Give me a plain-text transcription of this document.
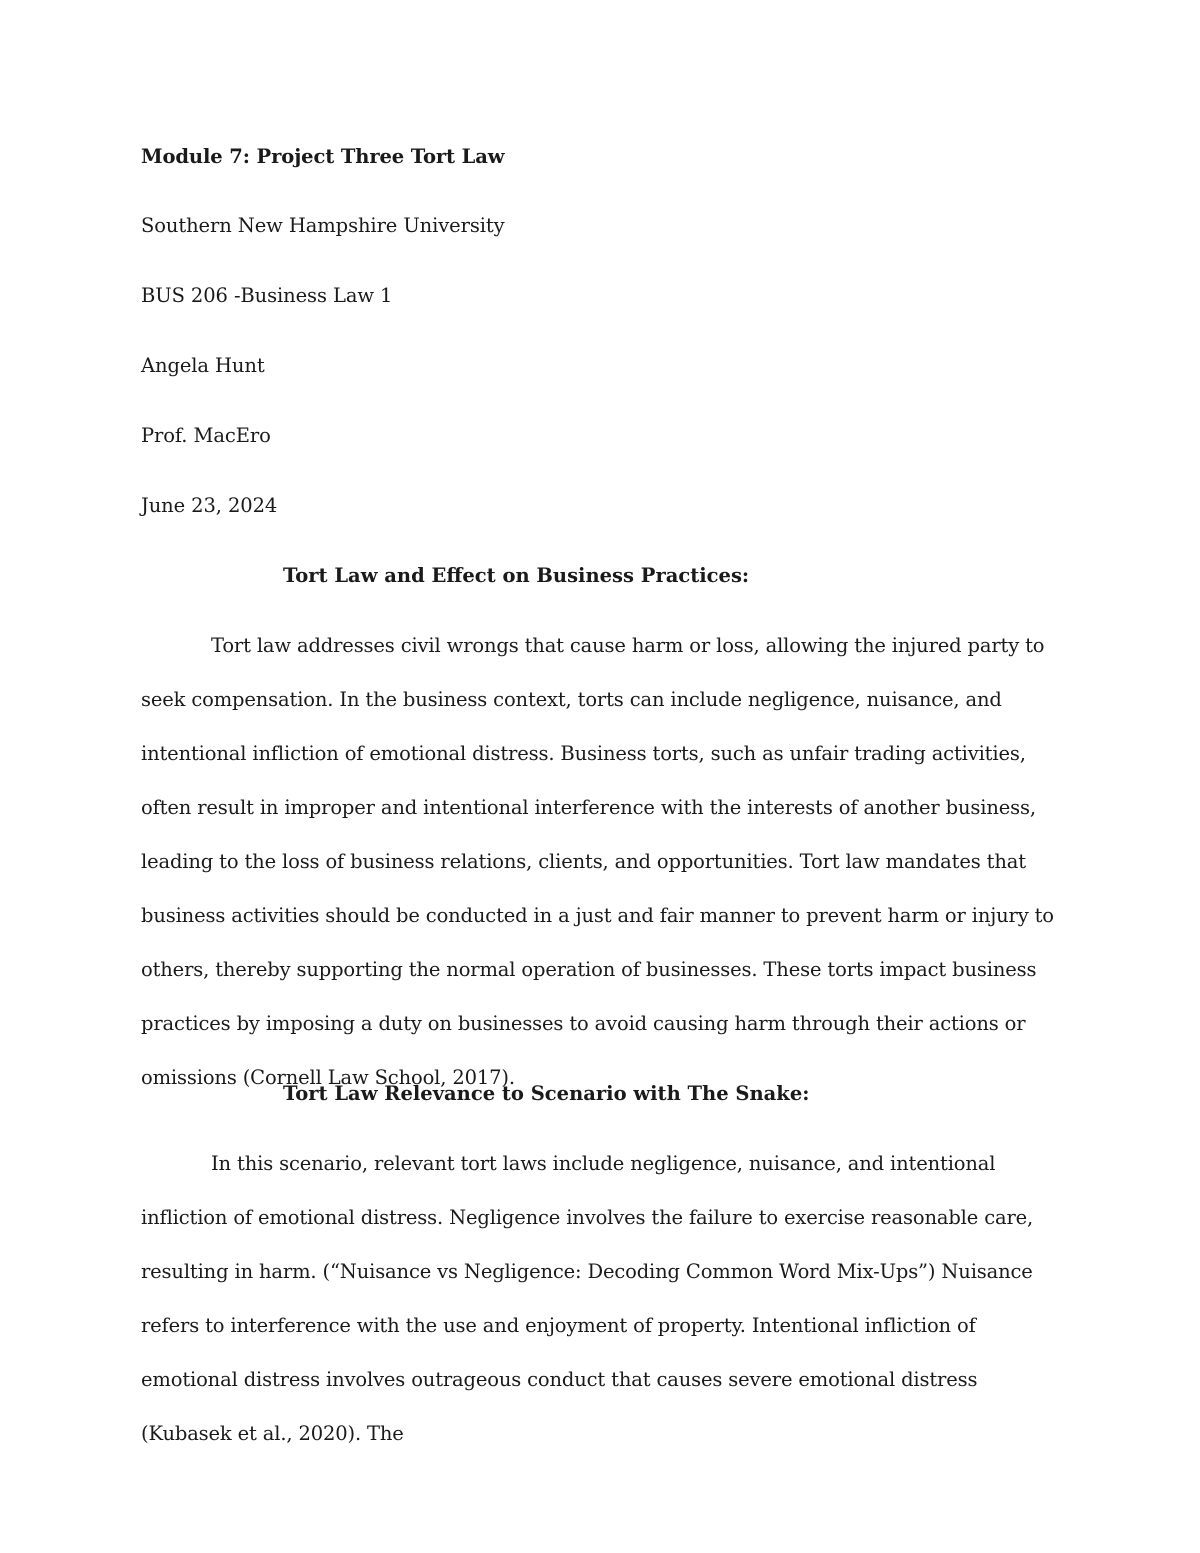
Module 7: Project Three Tort Law
Southern New Hampshire University
BUS 206 -Business Law 1
Angela Hunt
Prof. MacEro
June 23, 2024
Tort Law and Effect on Business Practices:

Tort law addresses civil wrongs that cause harm or loss, allowing the injured party to seek compensation. In the business context, torts can include negligence, nuisance, and intentional infliction of emotional distress. Business torts, such as unfair trading activities, often result in improper and intentional interference with the interests of another business, leading to the loss of business relations, clients, and opportunities. Tort law mandates that business activities should be conducted in a just and fair manner to prevent harm or injury to others, thereby supporting the normal operation of businesses. These torts impact business practices by imposing a duty on businesses to avoid causing harm through their actions or omissions (Cornell Law School, 2017).

Tort Law Relevance to Scenario with The Snake:

In this scenario, relevant tort laws include negligence, nuisance, and intentional infliction of emotional distress. Negligence involves the failure to exercise reasonable care, resulting in harm. (“Nuisance vs Negligence: Decoding Common Word Mix-Ups”) Nuisance refers to interference with the use and enjoyment of property. Intentional infliction of emotional distress involves outrageous conduct that causes severe emotional distress (Kubasek et al., 2020). The
